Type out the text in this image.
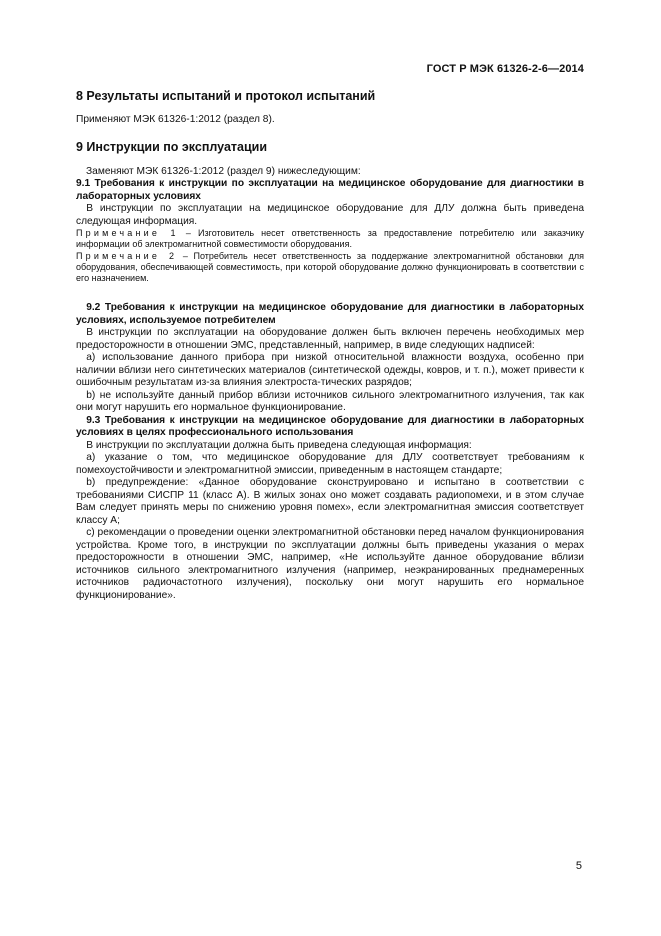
ГОСТ Р МЭК 61326-2-6—2014
8 Результаты испытаний и протокол испытаний

Применяют МЭК 61326-1:2012 (раздел 8).

9 Инструкции по эксплуатации

Заменяют МЭК 61326-1:2012 (раздел 9) нижеследующим:

9.1 Требования к инструкции по эксплуатации на медицинское оборудование для диагностики в лабораторных условиях

В инструкции по эксплуатации на медицинское оборудование для ДЛУ должна быть приведена следующая информация.

Примечание 1 – Изготовитель несет ответственность за предоставление потребителю или заказчику информации об электромагнитной совместимости оборудования.

Примечание 2 – Потребитель несет ответственность за поддержание электромагнитной обстановки для оборудования, обеспечивающей совместимость, при которой оборудование должно функционировать в соответствии с его назначением.

9.2 Требования к инструкции на медицинское оборудование для диагностики в лабораторных условиях, используемое потребителем

В инструкции по эксплуатации на оборудование должен быть включен перечень необходимых мер предосторожности в отношении ЭМС, представленный, например, в виде следующих надписей:

а) использование данного прибора при низкой относительной влажности воздуха, особенно при наличии вблизи него синтетических материалов (синтетической одежды, ковров, и т. п.), может привести к ошибочным результатам из-за влияния электроста-тических разрядов;

b) не используйте данный прибор вблизи источников сильного электромагнитного излучения, так как они могут нарушить его нормальное функционирование.

9.3 Требования к инструкции на медицинское оборудование для диагностики в лабораторных условиях в целях профессионального использования

В инструкции по эксплуатации должна быть приведена следующая информация:

а) указание о том, что медицинское оборудование для ДЛУ соответствует требованиям к помехоустойчивости и электромагнитной эмиссии, приведенным в настоящем стандарте;

b) предупреждение: «Данное оборудование сконструировано и испытано в соответствии с требованиями СИСПР 11 (класс А). В жилых зонах оно может создавать радиопомехи, и в этом случае Вам следует принять меры по снижению уровня помех», если электромагнитная эмиссия соответствует классу А;

c) рекомендации о проведении оценки электромагнитной обстановки перед началом функционирования устройства. Кроме того, в инструкции по эксплуатации должны быть приведены указания о мерах предосторожности в отношении ЭМС, например, «Не используйте данное оборудование вблизи источников сильного электромагнитного излучения (например, неэкранированных преднамеренных источников радиочастотного излучения), поскольку они могут нарушить его нормальное функционирование».

5
